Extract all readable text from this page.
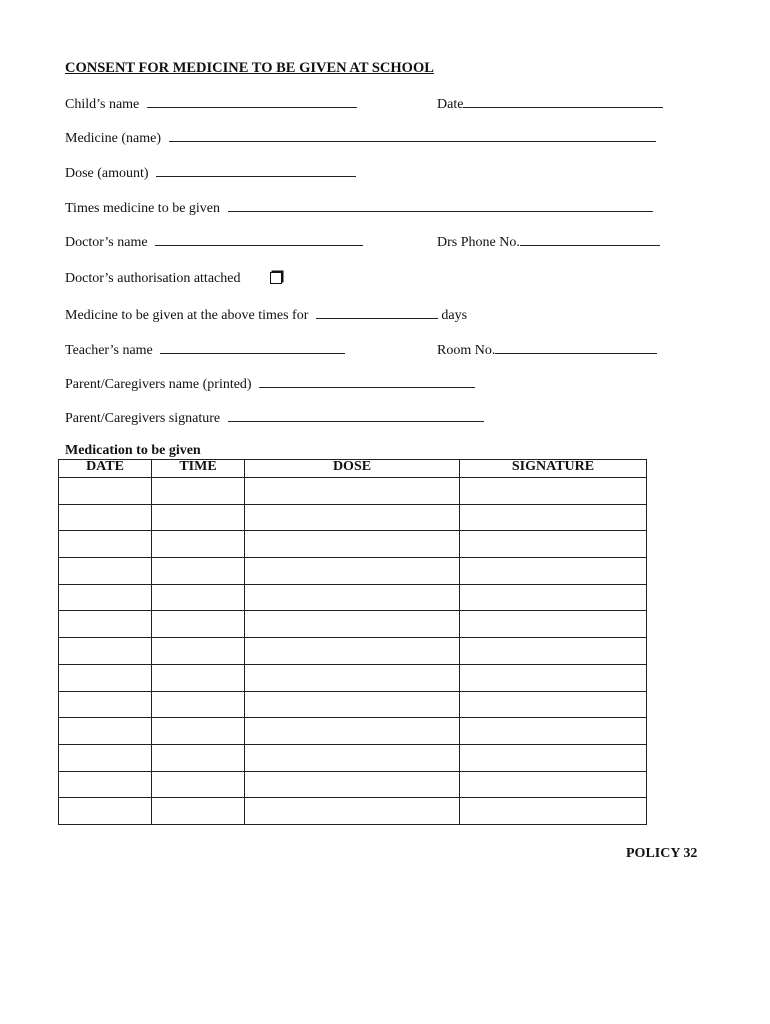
CONSENT FOR MEDICINE TO BE GIVEN AT SCHOOL
Child’s name	Date
Medicine (name)
Dose (amount)
Times medicine to be given
Doctor’s name	Drs Phone No.
Doctor’s authorisation attached
Medicine to be given at the above times for	days
Teacher’s name	Room No.
Parent/Caregivers name (printed)
Parent/Caregivers signature
Medication to be given
DATE	TIME	DOSE	SIGNATURE

POLICY 32
